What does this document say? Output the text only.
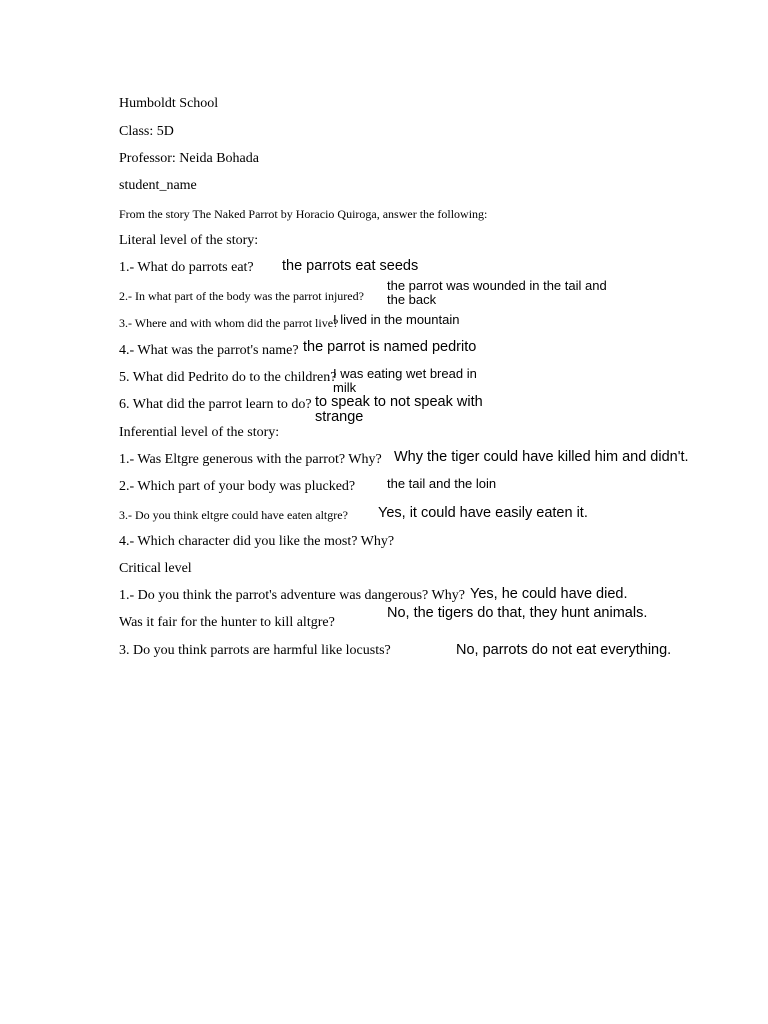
Humboldt School
Class: 5D
Professor: Neida Bohada
student_name
From the story The Naked Parrot by Horacio Quiroga, answer the following:
Literal level of the story:
1.- What do parrots eat? the parrots eat seeds
2.- In what part of the body was the parrot injured?
the parrot was wounded in the tail and the back
3.- Where and with whom did the parrot live?
I lived in the mountain
4.- What was the parrot's name? the parrot is named pedrito
5. What did Pedrito do to the children?
I was eating wet bread in milk
6. What did the parrot learn to do? to speak to not speak with strange
Inferential level of the story:
1.- Was Eltgre generous with the parrot? Why? Why the tiger could have killed him and didn't.
2.- Which part of your body was plucked? the tail and the loin
3.- Do you think eltgre could have eaten altgre? Yes, it could have easily eaten it.
4.- Which character did you like the most? Why?
Critical level
1.- Do you think the parrot's adventure was dangerous? Why? Yes, he could have died.
Was it fair for the hunter to kill altgre?
No, the tigers do that, they hunt animals.
3. Do you think parrots are harmful like locusts?	No, parrots do not eat everything.
